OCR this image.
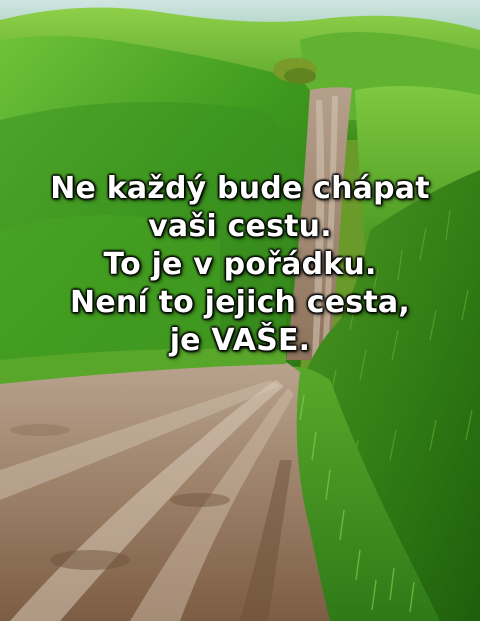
Ne každý bude chápat
vaši cestu.
To je v pořádku.
Není to jejich cesta,
je VAŠE.
